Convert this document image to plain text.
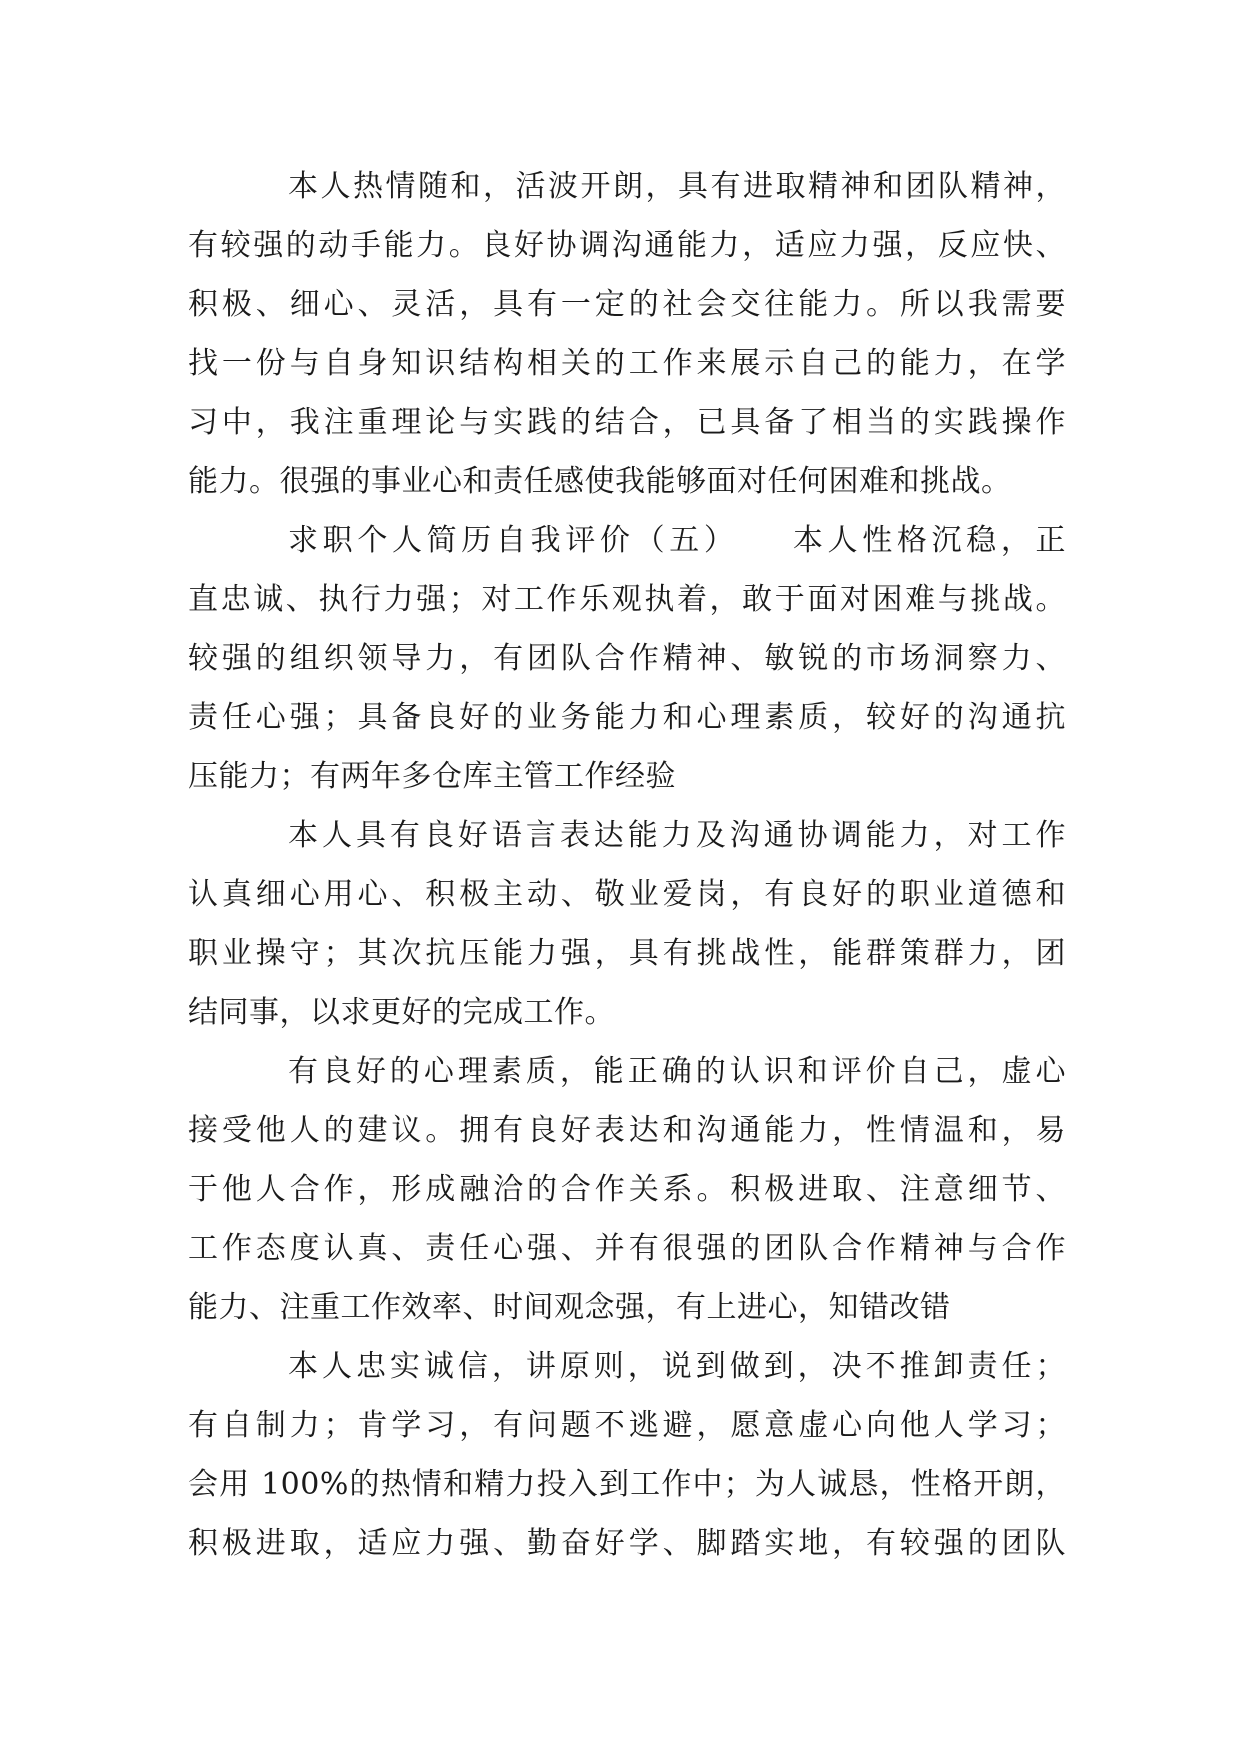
本人热情随和，活波开朗，具有进取精神和团队精神，
有较强的动手能力。良好协调沟通能力，适应力强，反应快、
积极、细心、灵活，具有一定的社会交往能力。所以我需要
找一份与自身知识结构相关的工作来展示自己的能力，在学
习中，我注重理论与实践的结合，已具备了相当的实践操作
能力。很强的事业心和责任感使我能够面对任何困难和挑战。
求职个人简历自我评价（五）　　本人性格沉稳，正
直忠诚、执行力强；对工作乐观执着，敢于面对困难与挑战。
较强的组织领导力，有团队合作精神、敏锐的市场洞察力、
责任心强；具备良好的业务能力和心理素质，较好的沟通抗
压能力；有两年多仓库主管工作经验
本人具有良好语言表达能力及沟通协调能力，对工作
认真细心用心、积极主动、敬业爱岗，有良好的职业道德和
职业操守；其次抗压能力强，具有挑战性，能群策群力，团
结同事，以求更好的完成工作。
有良好的心理素质，能正确的认识和评价自己，虚心
接受他人的建议。拥有良好表达和沟通能力，性情温和，易
于他人合作，形成融洽的合作关系。积极进取、注意细节、
工作态度认真、责任心强、并有很强的团队合作精神与合作
能力、注重工作效率、时间观念强，有上进心，知错改错
本人忠实诚信，讲原则，说到做到，决不推卸责任；
有自制力；肯学习，有问题不逃避，愿意虚心向他人学习；
会用 100%的热情和精力投入到工作中；为人诚恳，性格开朗，
积极进取，适应力强、勤奋好学、脚踏实地，有较强的团队
